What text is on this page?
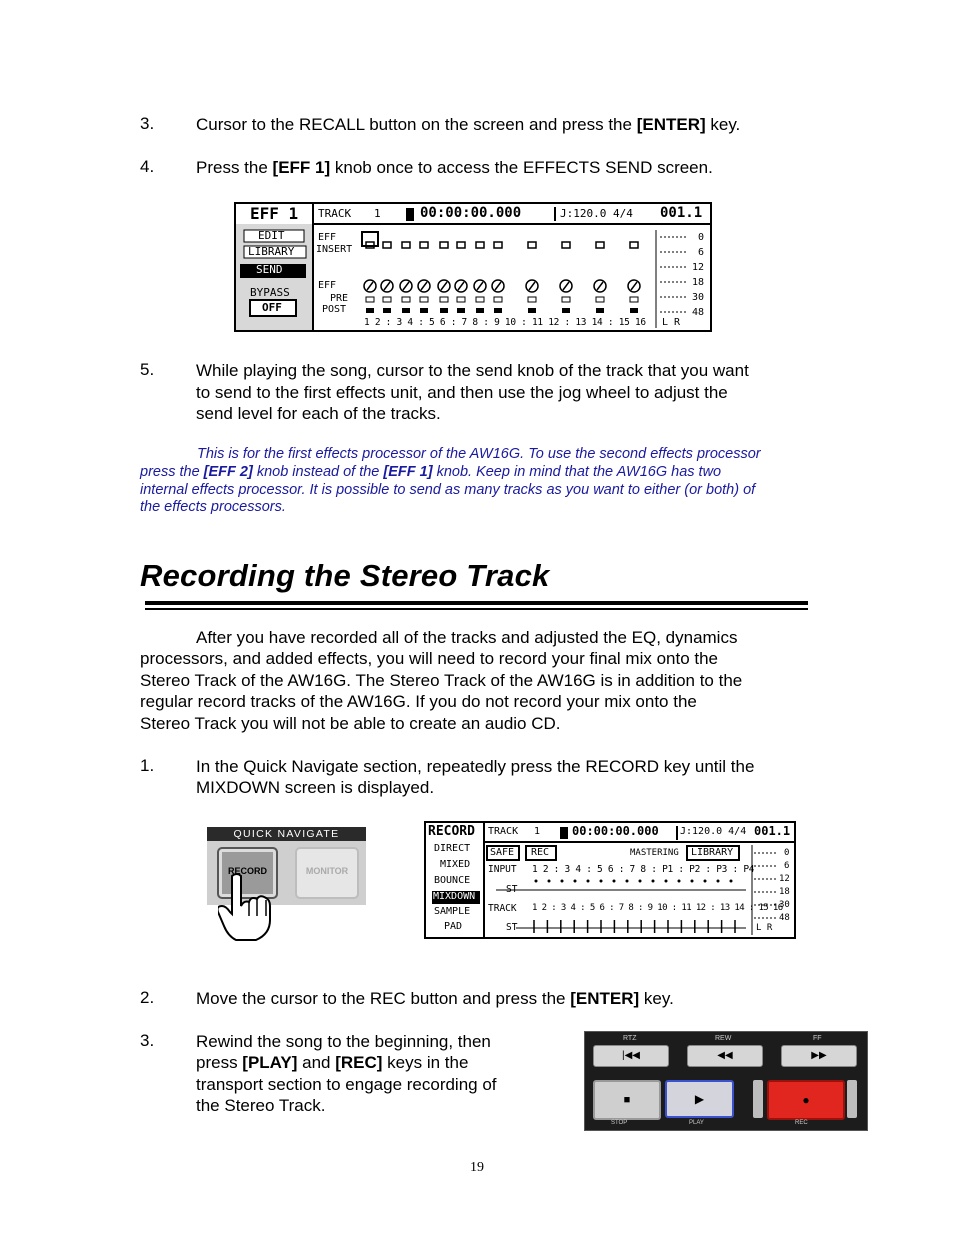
3. Cursor to the RECALL button on the screen and press the [ENTER] key.
4. Press the [EFF 1] knob once to access the EFFECTS SEND screen.
EFF 1 TRACK 1	00:00:00.000	J:120.0 4/4 001.1
EDIT
LIBRARY
SEND
BYPASS
OFF
EFF
INSERT
EFF
PRE
POST
1 2 : 3 4 : 5 6 : 7 8 : 9 10 : 11 12 : 13 14 : 15 16
0
6
12
18
30
48
L R
5. While playing the song, cursor to the send knob of the track that you want
to send to the first effects unit, and then use the jog wheel to adjust the
send level for each of the tracks.
This is for the first effects processor of the AW16G. To use the second effects processor
press the [EFF 2] knob instead of the [EFF 1] knob. Keep in mind that the AW16G has two
internal effects processor. It is possible to send as many tracks as you want to either (or both) of
the effects processors.
Recording the Stereo Track
After you have recorded all of the tracks and adjusted the EQ, dynamics
processors, and added effects, you will need to record your final mix onto the
Stereo Track of the AW16G. The Stereo Track of the AW16G is in addition to the
regular record tracks of the AW16G. If you do not record your mix onto the
Stereo Track you will not be able to create an audio CD.
1. In the Quick Navigate section, repeatedly press the RECORD key until the
MIXDOWN screen is displayed.
QUICK NAVIGATE
RECORD	MONITOR
RECORD TRACK 1	00:00:00.000 J:120.0 4/4 001.1
DIRECT
MIXED
BOUNCE
MIXDOWN
SAMPLE
PAD
SAFE REC	MASTERING LIBRARY
INPUT 1 2 : 3 4 : 5 6 : 7 8 : P1 : P2 : P3 : P4
ST
TRACK 1 2 : 3 4 : 5 6 : 7 8 : 9 10 : 11 12 : 13 14 : 15 16
ST
0
6
12
18
30
48
L R
2. Move the cursor to the REC button and press the [ENTER] key.
3. Rewind the song to the beginning, then
press [PLAY] and [REC] keys in the
transport section to engage recording of
the Stereo Track.
RTZ	REW	FF
|◀◀	◀◀	▶▶
■	▶	●
STOP	PLAY	REC
19
